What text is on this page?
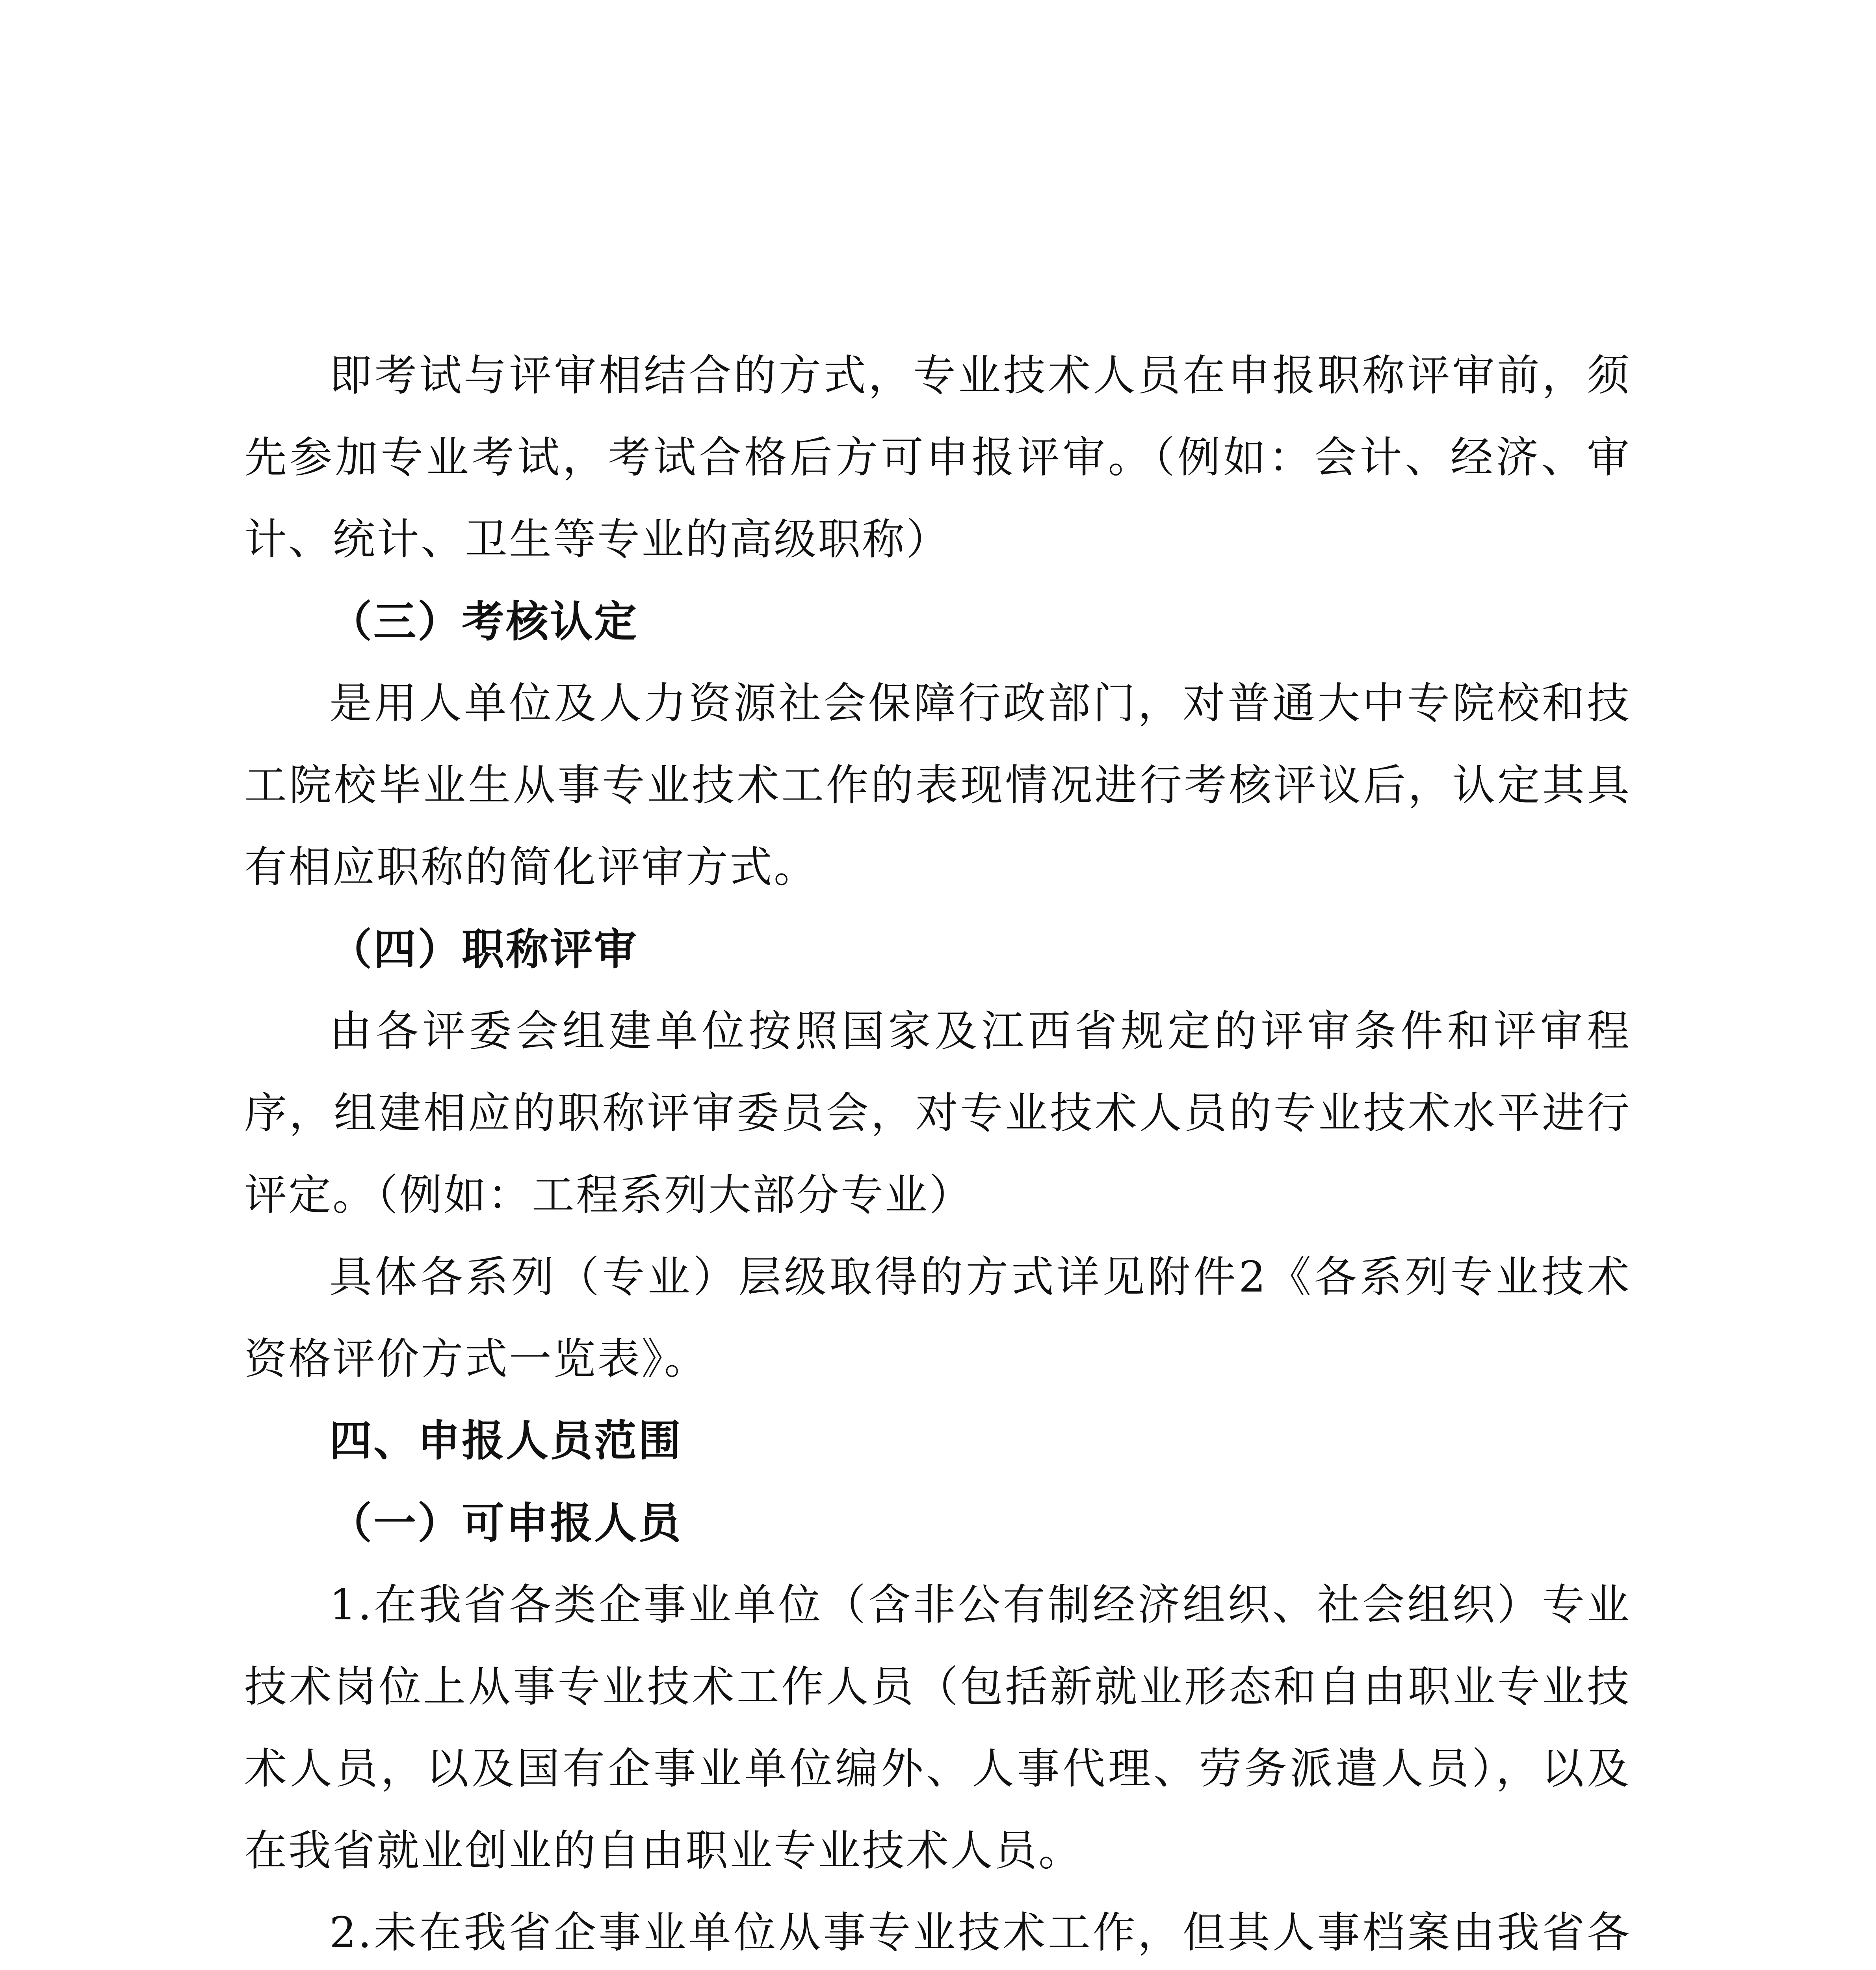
即考试与评审相结合的方式，专业技术人员在申报职称评审前，须先参加专业考试，考试合格后方可申报评审。（例如：会计、经济、审计、统计、卫生等专业的高级职称）

（三）考核认定

是用人单位及人力资源社会保障行政部门，对普通大中专院校和技工院校毕业生从事专业技术工作的表现情况进行考核评议后，认定其具有相应职称的简化评审方式。

（四）职称评审

由各评委会组建单位按照国家及江西省规定的评审条件和评审程序，组建相应的职称评审委员会，对专业技术人员的专业技术水平进行评定。（例如：工程系列大部分专业）

具体各系列（专业）层级取得的方式详见附件2《各系列专业技术资格评价方式一览表》。

四、申报人员范围

（一）可申报人员

1.在我省各类企事业单位（含非公有制经济组织、社会组织）专业技术岗位上从事专业技术工作人员（包括新就业形态和自由职业专业技术人员，以及国有企事业单位编外、人事代理、劳务派遣人员），以及在我省就业创业的自由职业专业技术人员。

2.未在我省企事业单位从事专业技术工作，但其人事档案由我省各
